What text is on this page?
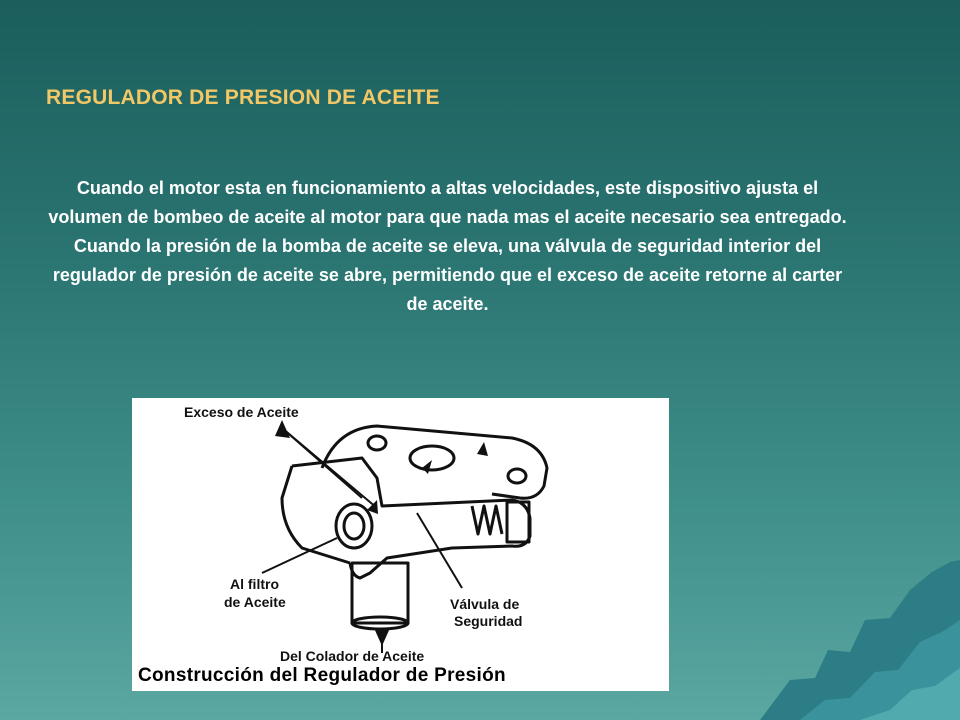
REGULADOR DE PRESION DE ACEITE
Cuando el motor esta en funcionamiento a altas velocidades, este dispositivo ajusta el volumen de bombeo de aceite al motor para que nada mas el aceite necesario sea entregado. Cuando la presión de la bomba de aceite se eleva, una válvula de seguridad interior del regulador de presión de aceite se abre, permitiendo que el exceso de aceite retorne al carter de aceite.
Exceso de Aceite
Al filtro
de Aceite	Válvula de
Seguridad
Del Colador de Aceite
Construcción del Regulador de Presión
